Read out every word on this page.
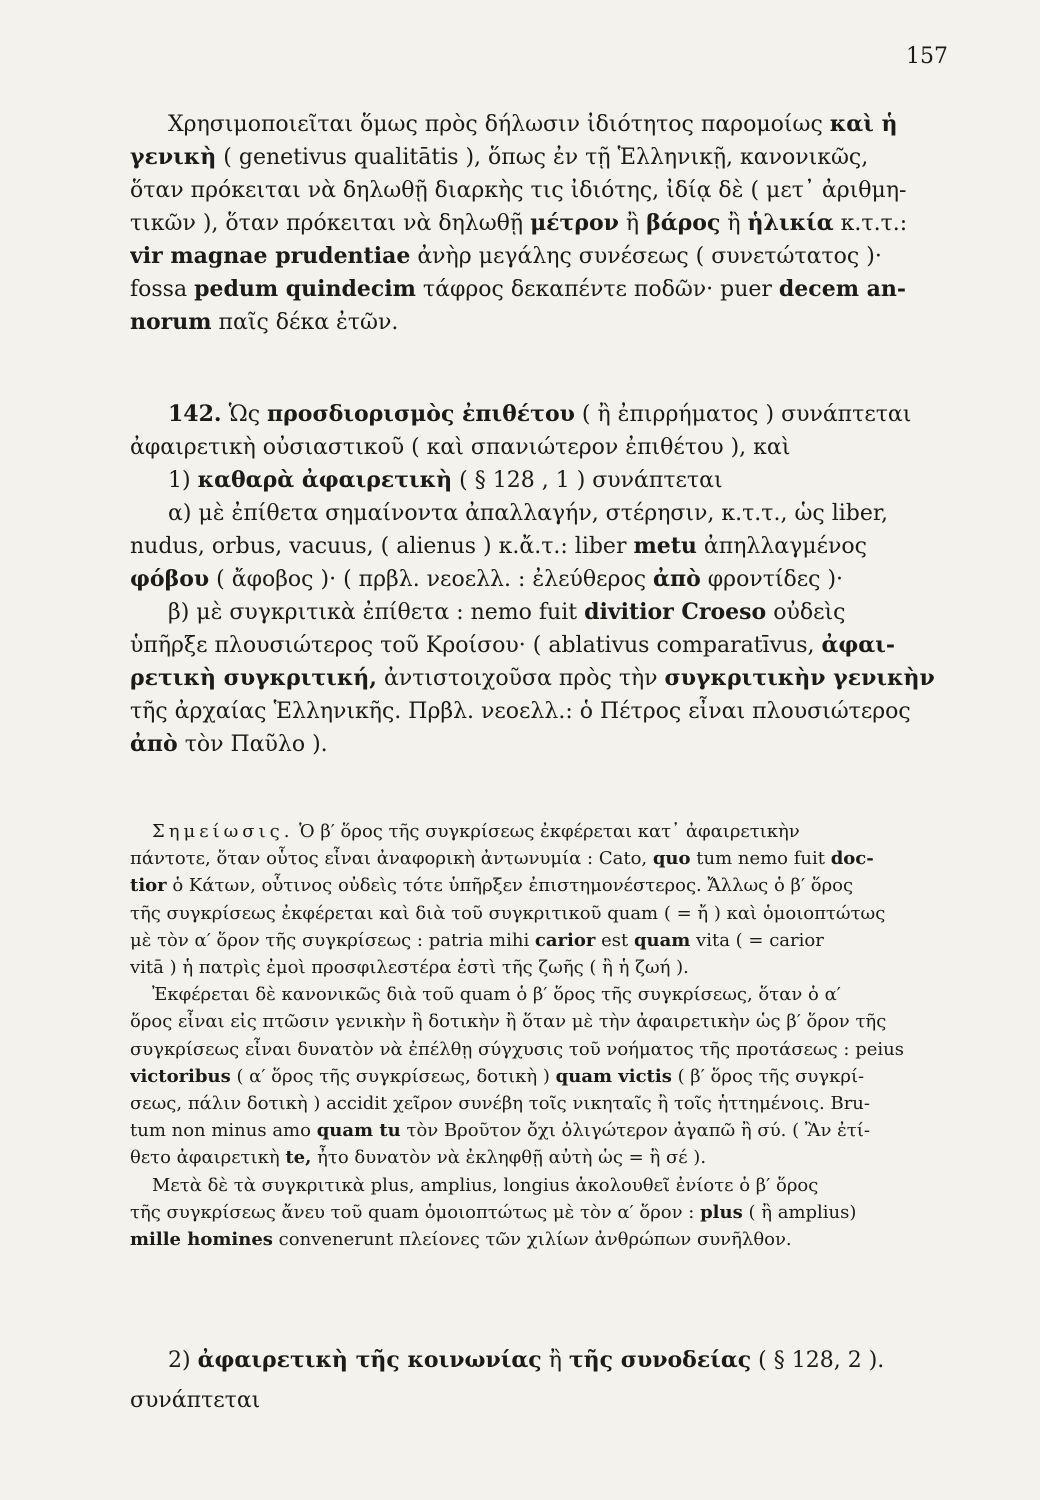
157
Χρησιμοποιεῖται ὅμως πρὸς δήλωσιν ἰδιότητος παρομοίως καὶ ἡ
γενικὴ ( genetivus qualitātis ), ὅπως ἐν τῇ Ἑλληνικῇ, κανονικῶς,
ὅταν πρόκειται νὰ δηλωθῇ διαρκὴς τις ἰδιότης, ἰδίᾳ δὲ ( μετ᾽ ἀριθμη-
τικῶν ), ὅταν πρόκειται νὰ δηλωθῇ μέτρον ἢ βάρος ἢ ἡλικία κ.τ.τ.:
vir magnae prudentiae ἀνὴρ μεγάλης συνέσεως ( συνετώτατος )·
fossa pedum quindecim τάφρος δεκαπέντε ποδῶν· puer decem an-
norum παῖς δέκα ἐτῶν.
142. Ὡς προσδιορισμὸς ἐπιθέτου ( ἢ ἐπιρρήματος ) συνάπτεται
ἀφαιρετικὴ οὐσιαστικοῦ ( καὶ σπανιώτερον ἐπιθέτου ), καὶ
1) καθαρὰ ἀφαιρετικὴ ( § 128 , 1 ) συνάπτεται
α) μὲ ἐπίθετα σημαίνοντα ἀπαλλαγήν, στέρησιν, κ.τ.τ., ὡς liber,
nudus, orbus, vacuus, ( alienus ) κ.ἄ.τ.: liber metu ἀπηλλαγμένος
φόβου ( ἄφοβος )· ( πρβλ. νεοελλ. : ἐλεύθερος ἀπὸ φροντίδες )·
β) μὲ συγκριτικὰ ἐπίθετα : nemo fuit divitior Croeso οὐδεὶς
ὑπῆρξε πλουσιώτερος τοῦ Κροίσου· ( ablativus comparatīvus, ἀφαι-
ρετικὴ συγκριτική, ἀντιστοιχοῦσα πρὸς τὴν συγκριτικὴν γενικὴν
τῆς ἀρχαίας Ἑλληνικῆς. Πρβλ. νεοελλ.: ὁ Πέτρος εἶναι πλουσιώτερος
ἀπὸ τὸν Παῦλο ).
Σημείωσις. Ὁ β′ ὅρος τῆς συγκρίσεως ἐκφέρεται κατ᾽ ἀφαιρετικὴν
πάντοτε, ὅταν οὗτος εἶναι ἀναφορικὴ ἀντωνυμία : Cato, quo tum nemo fuit doc-
tior ὁ Κάτων, οὗτινος οὐδεὶς τότε ὑπῆρξεν ἐπιστημονέστερος. Ἄλλως ὁ β′ ὅρος
τῆς συγκρίσεως ἐκφέρεται καὶ διὰ τοῦ συγκριτικοῦ quam ( = ἤ ) καὶ ὁμοιοπτώτως
μὲ τὸν α′ ὅρον τῆς συγκρίσεως : patria mihi carior est quam vita ( = carior
vitā ) ἡ πατρὶς ἐμοὶ προσφιλεστέρα ἐστὶ τῆς ζωῆς ( ἢ ἡ ζωή ).
Ἐκφέρεται δὲ κανονικῶς διὰ τοῦ quam ὁ β′ ὅρος τῆς συγκρίσεως, ὅταν ὁ α′
ὅρος εἶναι εἰς πτῶσιν γενικὴν ἢ δοτικὴν ἢ ὅταν μὲ τὴν ἀφαιρετικὴν ὡς β′ ὅρον τῆς
συγκρίσεως εἶναι δυνατὸν νὰ ἐπέλθῃ σύγχυσις τοῦ νοήματος τῆς προτάσεως : peius
victoribus ( α′ ὅρος τῆς συγκρίσεως, δοτικὴ ) quam victis ( β′ ὅρος τῆς συγκρί-
σεως, πάλιν δοτικὴ ) accidit χεῖρον συνέβη τοῖς νικηταῖς ἢ τοῖς ἡττημένοις. Bru-
tum non minus amo quam tu τὸν Βροῦτον ὄχι ὀλιγώτερον ἀγαπῶ ἢ σύ. ( Ἂν ἐτί-
θετο ἀφαιρετικὴ te, ἦτο δυνατὸν νὰ ἐκληφθῇ αὐτὴ ὡς = ἢ σέ ).
Μετὰ δὲ τὰ συγκριτικὰ plus, amplius, longius ἀκολουθεῖ ἐνίοτε ὁ β′ ὅρος
τῆς συγκρίσεως ἄνευ τοῦ quam ὁμοιοπτώτως μὲ τὸν α′ ὅρον : plus ( ἢ amplius)
mille homines convenerunt πλείονες τῶν χιλίων ἀνθρώπων συνῆλθον.
2) ἀφαιρετικὴ τῆς κοινωνίας ἢ τῆς συνοδείας ( § 128, 2 ).
συνάπτεται
